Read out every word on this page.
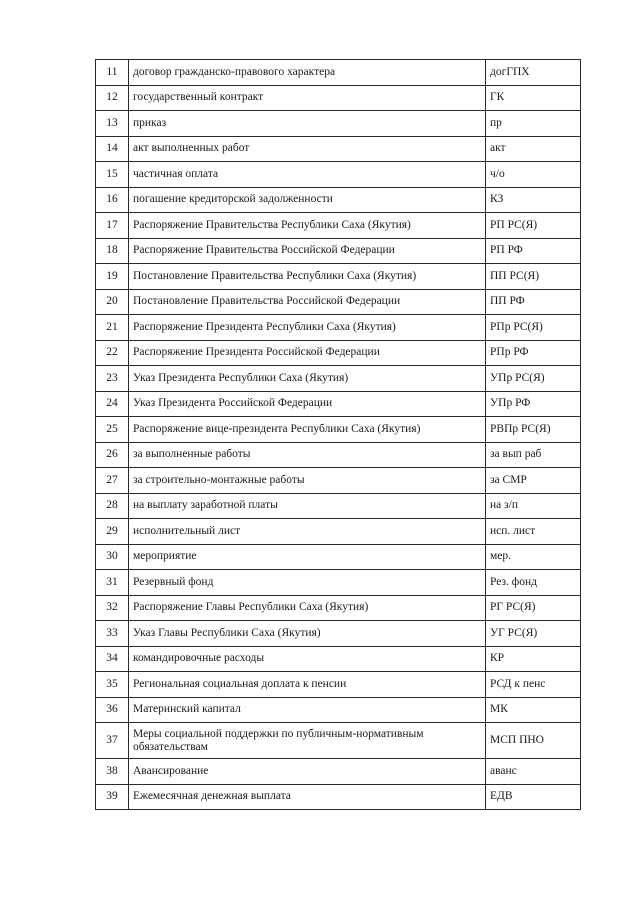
11	договор гражданско-правового характера	догГПХ
12	государственный контракт	ГК
13	приказ	пр
14	акт выполненных работ	акт
15	частичная оплата	ч/о
16	погашение кредиторской задолженности	КЗ
17	Распоряжение Правительства Республики Саха (Якутия)	РП РС(Я)
18	Распоряжение Правительства Российской Федерации	РП РФ
19	Постановление Правительства Республики Саха (Якутия)	ПП РС(Я)
20	Постановление Правительства Российской Федерации	ПП РФ
21	Распоряжение Президента Республики Саха (Якутия)	РПр РС(Я)
22	Распоряжение Президента Российской Федерации	РПр РФ
23	Указ Президента Республики Саха (Якутия)	УПр РС(Я)
24	Указ Президента Российской Федерации	УПр РФ
25	Распоряжение вице-президента Республики Саха (Якутия)	РВПр РС(Я)
26	за выполненные работы	за вып раб
27	за строительно-монтажные работы	за СМР
28	на выплату заработной платы	на з/п
29	исполнительный лист	исп. лист
30	мероприятие	мер.
31	Резервный фонд	Рез. фонд
32	Распоряжение Главы Республики Саха (Якутия)	РГ РС(Я)
33	Указ Главы Республики Саха (Якутия)	УГ РС(Я)
34	командировочные расходы	КР
35	Региональная социальная доплата к пенсии	РСД к пенс
36	Материнский капитал	МК
37	Меры социальной поддержки по публичным-нормативным обязательствам	МСП ПНО
38	Авансирование	аванс
39	Ежемесячная денежная выплата	ЕДВ
